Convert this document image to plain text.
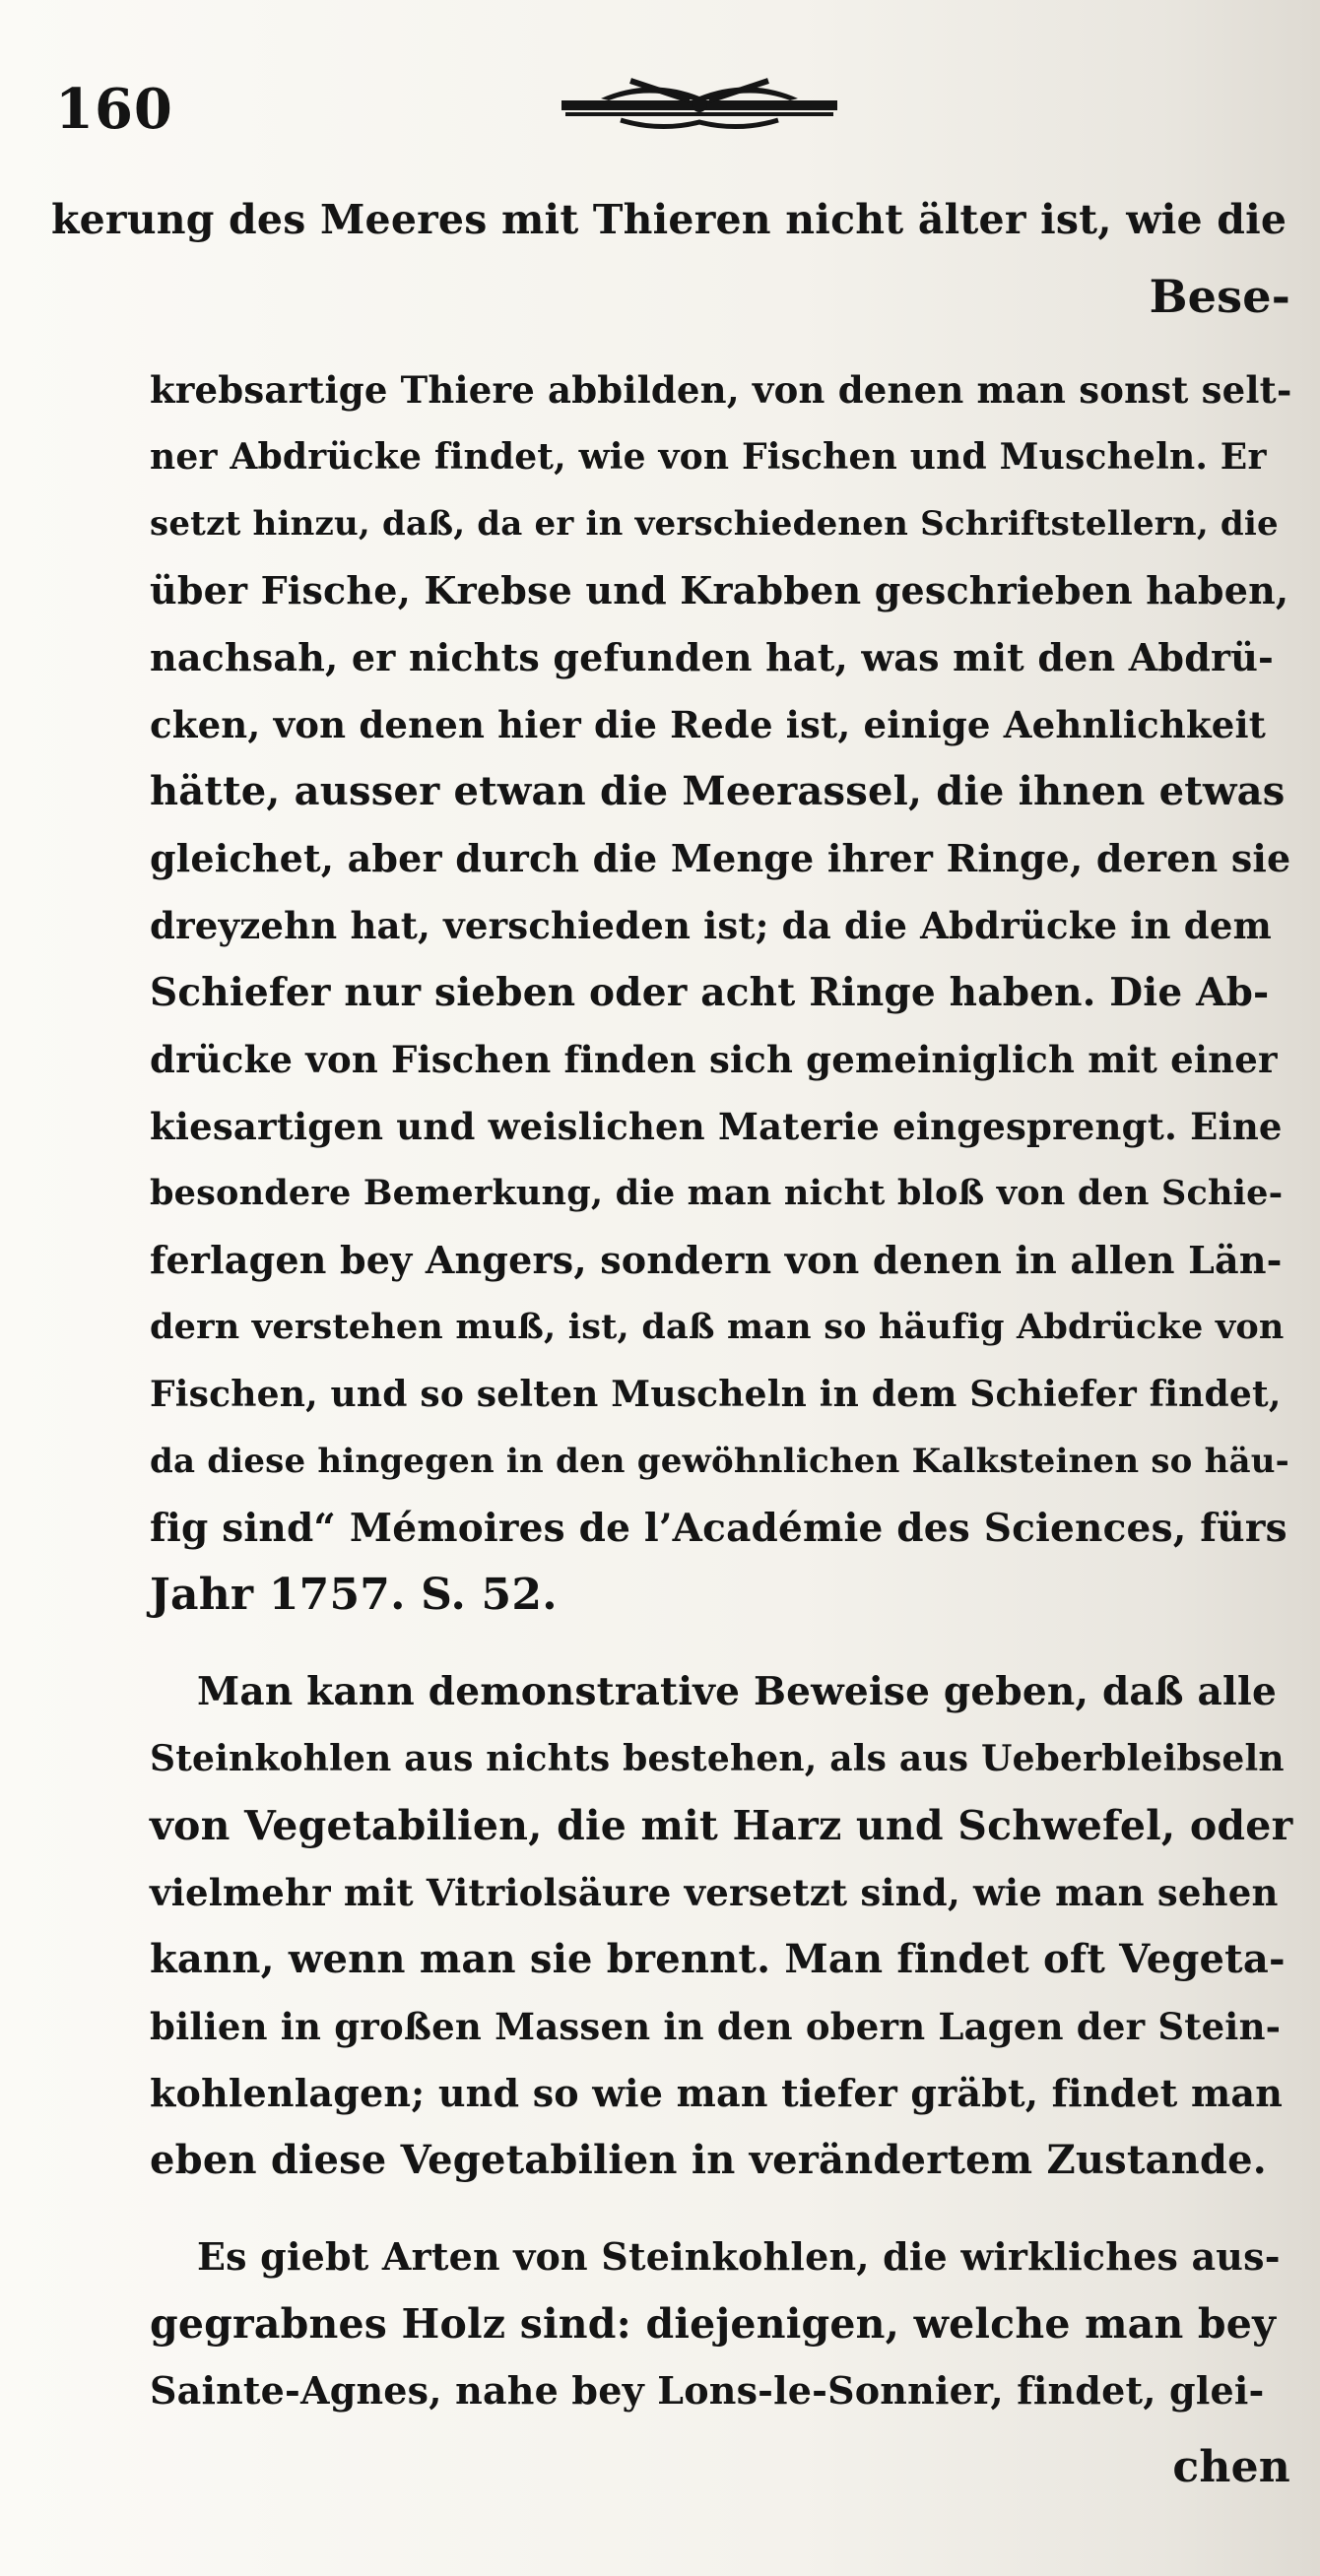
160
kerung des Meeres mit Thieren nicht älter ist, wie die
Bese-
krebsartige Thiere abbilden, von denen man sonst selt-
ner Abdrücke findet, wie von Fischen und Muscheln. Er
setzt hinzu, daß, da er in verschiedenen Schriftstellern, die
über Fische, Krebse und Krabben geschrieben haben,
nachsah, er nichts gefunden hat, was mit den Abdrü-
cken, von denen hier die Rede ist, einige Aehnlichkeit
hätte, ausser etwan die Meerassel, die ihnen etwas
gleichet, aber durch die Menge ihrer Ringe, deren sie
dreyzehn hat, verschieden ist; da die Abdrücke in dem
Schiefer nur sieben oder acht Ringe haben. Die Ab-
drücke von Fischen finden sich gemeiniglich mit einer
kiesartigen und weislichen Materie eingesprengt. Eine
besondere Bemerkung, die man nicht bloß von den Schie-
ferlagen bey Angers, sondern von denen in allen Län-
dern verstehen muß, ist, daß man so häufig Abdrücke von
Fischen, und so selten Muscheln in dem Schiefer findet,
da diese hingegen in den gewöhnlichen Kalksteinen so häu-
fig sind“ Mémoires de l’Académie des Sciences, fürs
Jahr 1757. S. 52.
Man kann demonstrative Beweise geben, daß alle
Steinkohlen aus nichts bestehen, als aus Ueberbleibseln
von Vegetabilien, die mit Harz und Schwefel, oder
vielmehr mit Vitriolsäure versetzt sind, wie man sehen
kann, wenn man sie brennt. Man findet oft Vegeta-
bilien in großen Massen in den obern Lagen der Stein-
kohlenlagen; und so wie man tiefer gräbt, findet man
eben diese Vegetabilien in verändertem Zustande.
Es giebt Arten von Steinkohlen, die wirkliches aus-
gegrabnes Holz sind: diejenigen, welche man bey
Sainte-Agnes, nahe bey Lons-le-Sonnier, findet, glei-
chen
